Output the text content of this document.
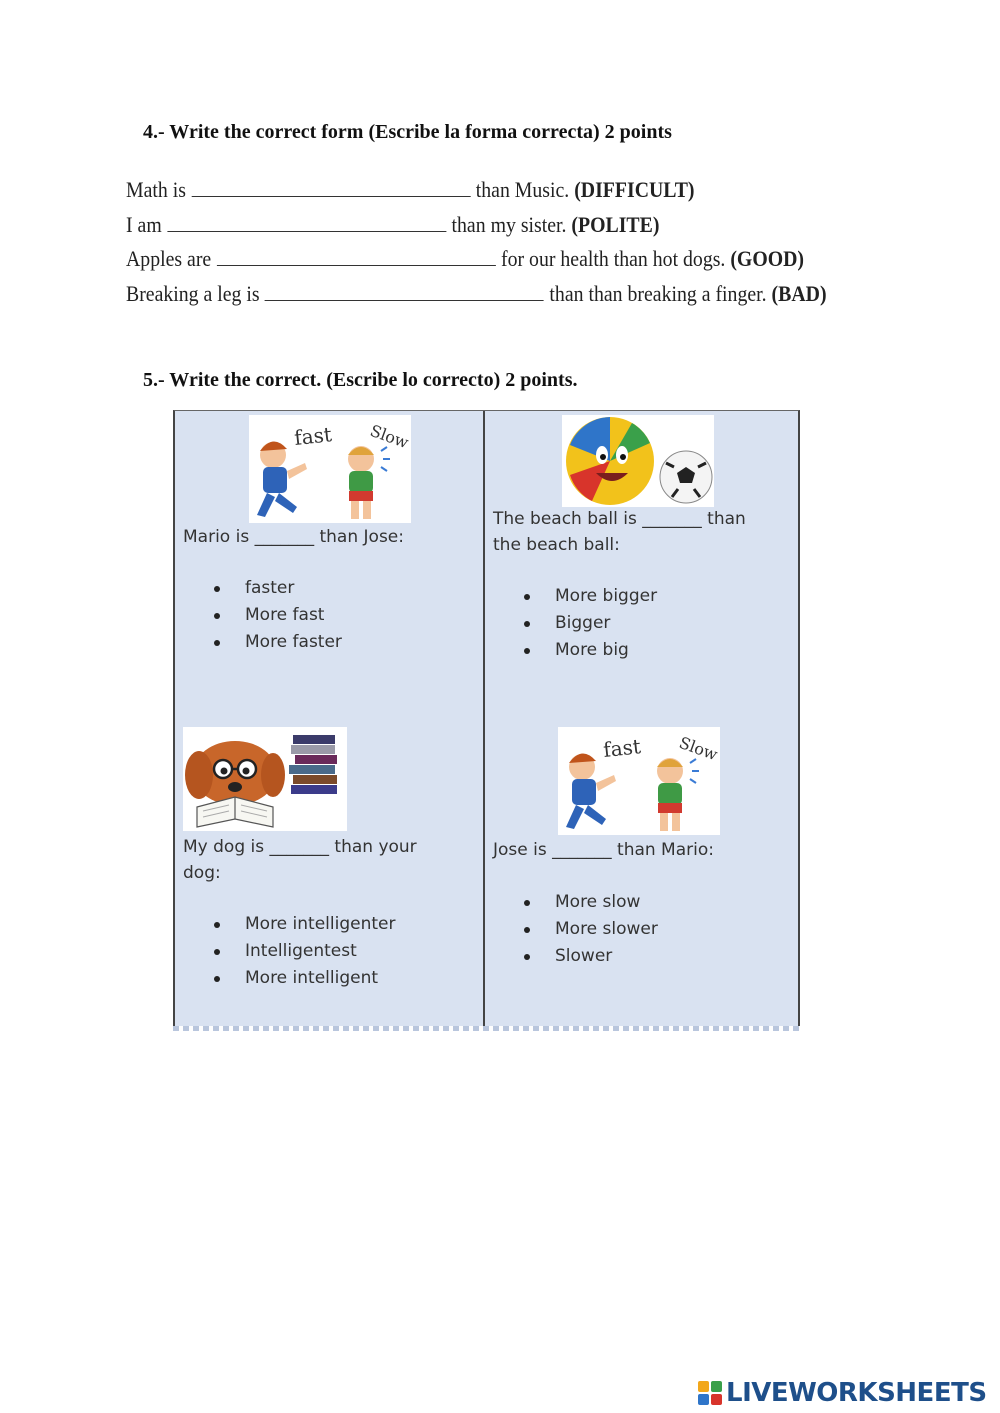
4.- Write the correct form (Escribe la forma correcta) 2 points
Math is	than Music. (DIFFICULT)
I am	than my sister. (POLITE)
Apples are	for our health than hot dogs. (GOOD)
Breaking a leg is	than than breaking a finger. (BAD)
5.- Write the correct. (Escribe lo correcto) 2 points.
fast Slow
Mario is _______ than Jose:
faster
More fast
More faster
The beach ball is _______ than
the beach ball:
More bigger
Bigger
More big
My dog is _______ than your
dog:
More intelligenter
Intelligentest
More intelligent
fast Slow
Jose is _______ than Mario:
More slow
More slower
Slower
LIVEWORKSHEETS
